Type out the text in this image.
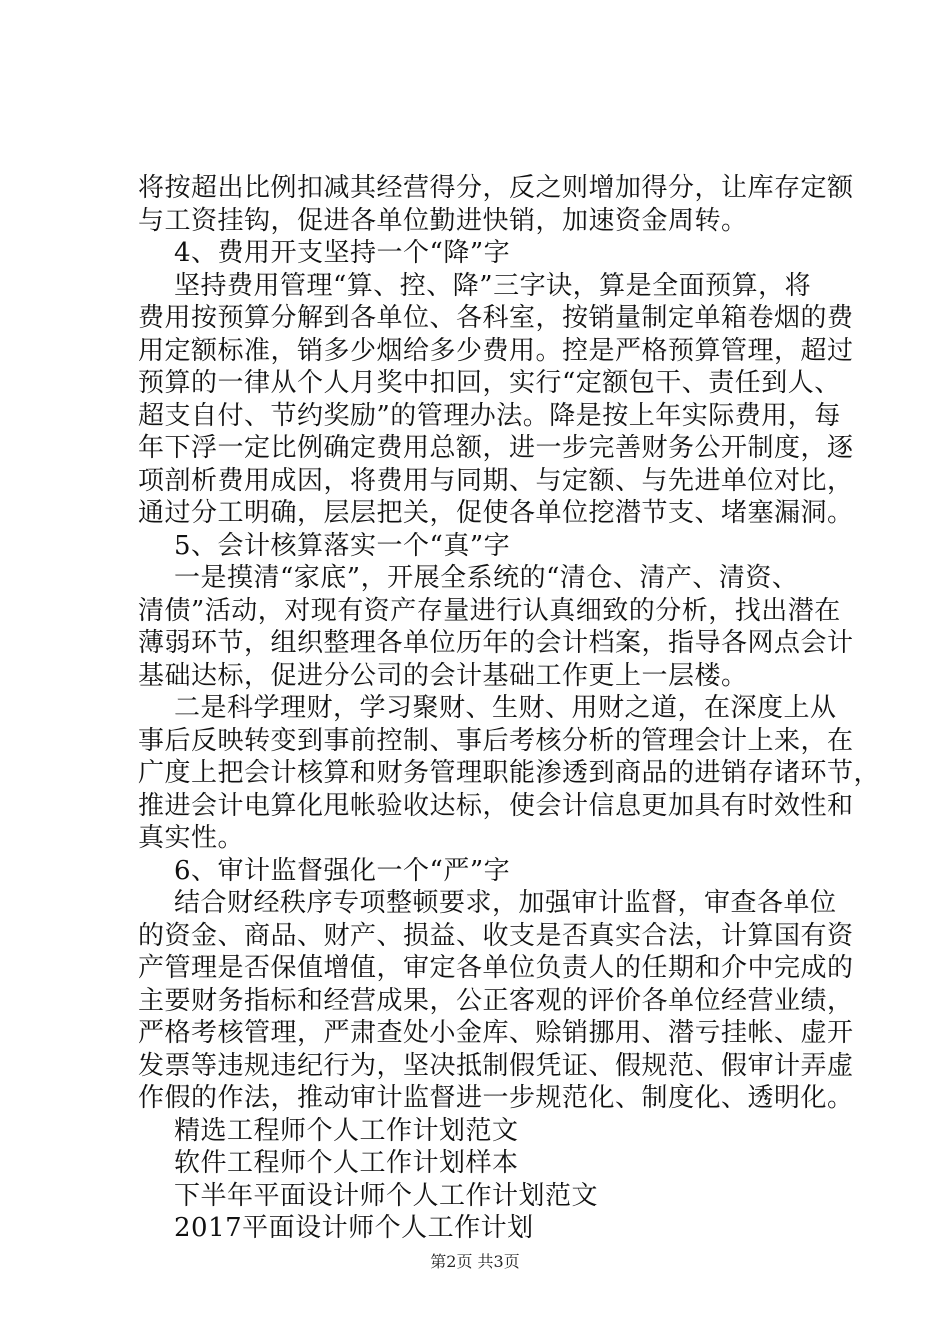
将按超出比例扣减其经营得分，反之则增加得分，让库存定额
与工资挂钩，促进各单位勤进快销，加速资金周转。
4、费用开支坚持一个“降”字
坚持费用管理“算、控、降”三字诀，算是全面预算，将
费用按预算分解到各单位、各科室，按销量制定单箱卷烟的费
用定额标准，销多少烟给多少费用。控是严格预算管理，超过
预算的一律从个人月奖中扣回，实行“定额包干、责任到人、
超支自付、节约奖励”的管理办法。降是按上年实际费用，每
年下浮一定比例确定费用总额，进一步完善财务公开制度，逐
项剖析费用成因，将费用与同期、与定额、与先进单位对比，
通过分工明确，层层把关，促使各单位挖潜节支、堵塞漏洞。
5、会计核算落实一个“真”字
一是摸清“家底”，开展全系统的“清仓、清产、清资、
清债”活动，对现有资产存量进行认真细致的分析，找出潜在
薄弱环节，组织整理各单位历年的会计档案，指导各网点会计
基础达标，促进分公司的会计基础工作更上一层楼。
二是科学理财，学习聚财、生财、用财之道，在深度上从
事后反映转变到事前控制、事后考核分析的管理会计上来，在
广度上把会计核算和财务管理职能渗透到商品的进销存诸环节，
推进会计电算化甩帐验收达标，使会计信息更加具有时效性和
真实性。
6、审计监督强化一个“严”字
结合财经秩序专项整顿要求，加强审计监督，审查各单位
的资金、商品、财产、损益、收支是否真实合法，计算国有资
产管理是否保值增值，审定各单位负责人的任期和介中完成的
主要财务指标和经营成果，公正客观的评价各单位经营业绩，
严格考核管理，严肃查处小金库、赊销挪用、潜亏挂帐、虚开
发票等违规违纪行为，坚决抵制假凭证、假规范、假审计弄虚
作假的作法，推动审计监督进一步规范化、制度化、透明化。
精选工程师个人工作计划范文
软件工程师个人工作计划样本
下半年平面设计师个人工作计划范文
2017平面设计师个人工作计划
第2页 共3页
